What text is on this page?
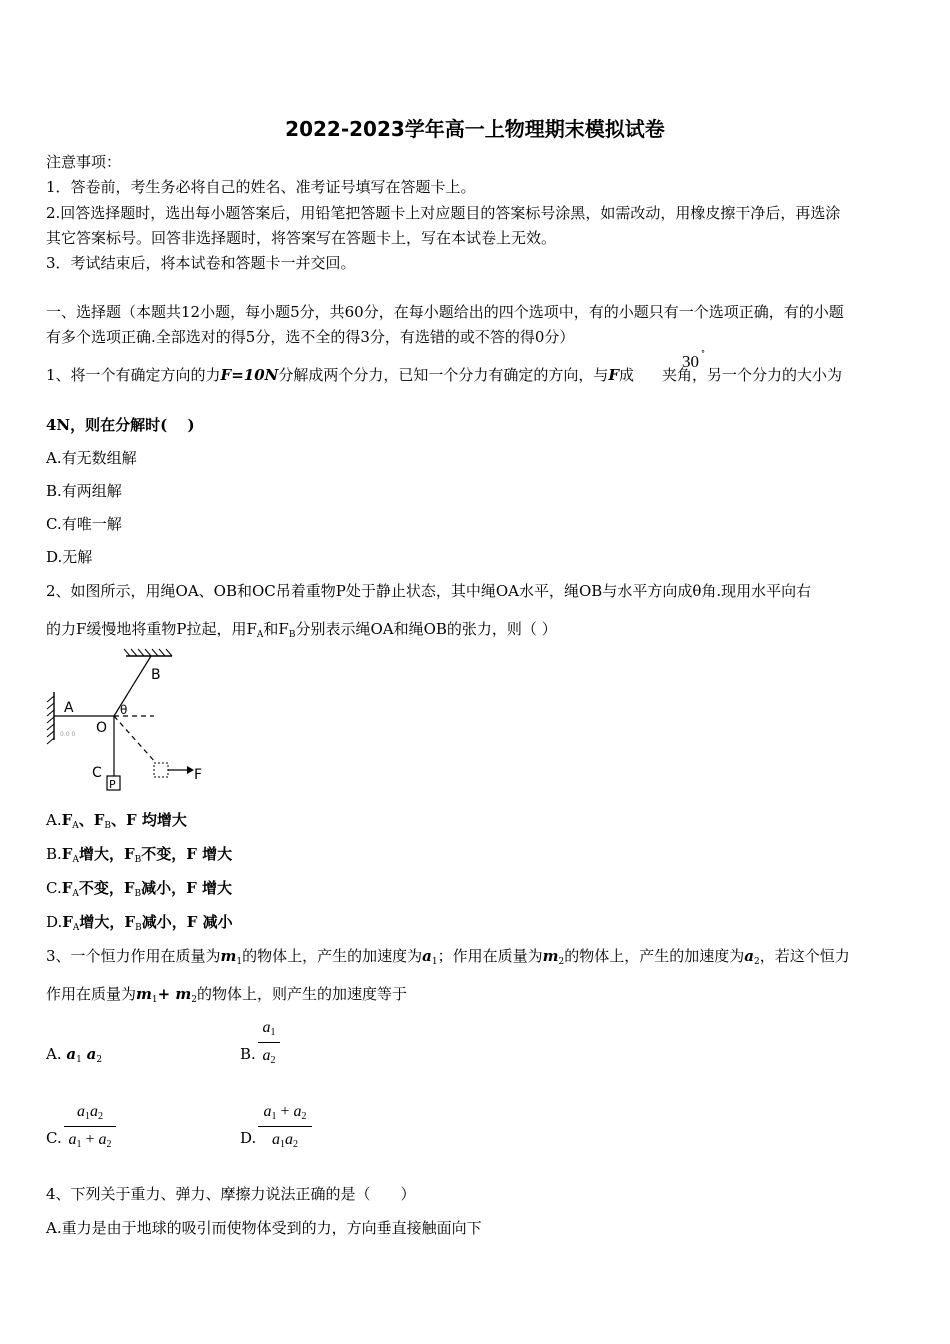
2022-2023学年高一上物理期末模拟试卷
注意事项：
1．答卷前，考生务必将自己的姓名、准考证号填写在答题卡上。
2.回答选择题时，选出每小题答案后，用铅笔把答题卡上对应题目的答案标号涂黑，如需改动，用橡皮擦干净后，再选涂
其它答案标号。回答非选择题时，将答案写在答题卡上，写在本试卷上无效。
3．考试结束后，将本试卷和答题卡一并交回。
一、选择题（本题共12小题，每小题5分，共60分，在每小题给出的四个选项中，有的小题只有一个选项正确，有的小题
有多个选项正确.全部选对的得5分，选不全的得3分，有选错的或不答的得0分）
1、将一个有确定方向的力F=10N分解成两个分力，已知一个分力有确定的方向，与F成 夹角，另一个分力的大小为
30 °
4N，则在分解时(　 )
A.有无数组解
B.有两组解
C.有唯一解
D.无解
2、如图所示，用绳OA、OB和OC吊着重物P处于静止状态，其中绳OA水平，绳OB与水平方向成θ角.现用水平向右
的力F缓慢地将重物P拉起，用$F_A$和$F_B$分别表示绳OA和绳OB的张力，则（ ）
0.0 0
P
A
B
O
θ
C	F
$A.F_A$、$F_B$、F 均增大
$B.F_A$增大，$F_B$不变，F 增大
$C.F_A$不变，$F_B$减小，F 增大
$D.F_A$增大，$F_B$减小，F 减小
3、一个恒力作用在质量为$m_1$的物体上，产生的加速度为$a_1$；作用在质量为$m_2$的物体上，产生的加速度为$a_2$，若这个恒力
作用在质量为$m_1+ m_2$的物体上，则产生的加速度等于
A. $a_1$ $a_2$	B.
a1
a2
C.
a1a2
a1 + a2	D.
a1 + a2
a1a2
4、下列关于重力、弹力、摩擦力说法正确的是（　　）
A.重力是由于地球的吸引而使物体受到的力，方向垂直接触面向下
